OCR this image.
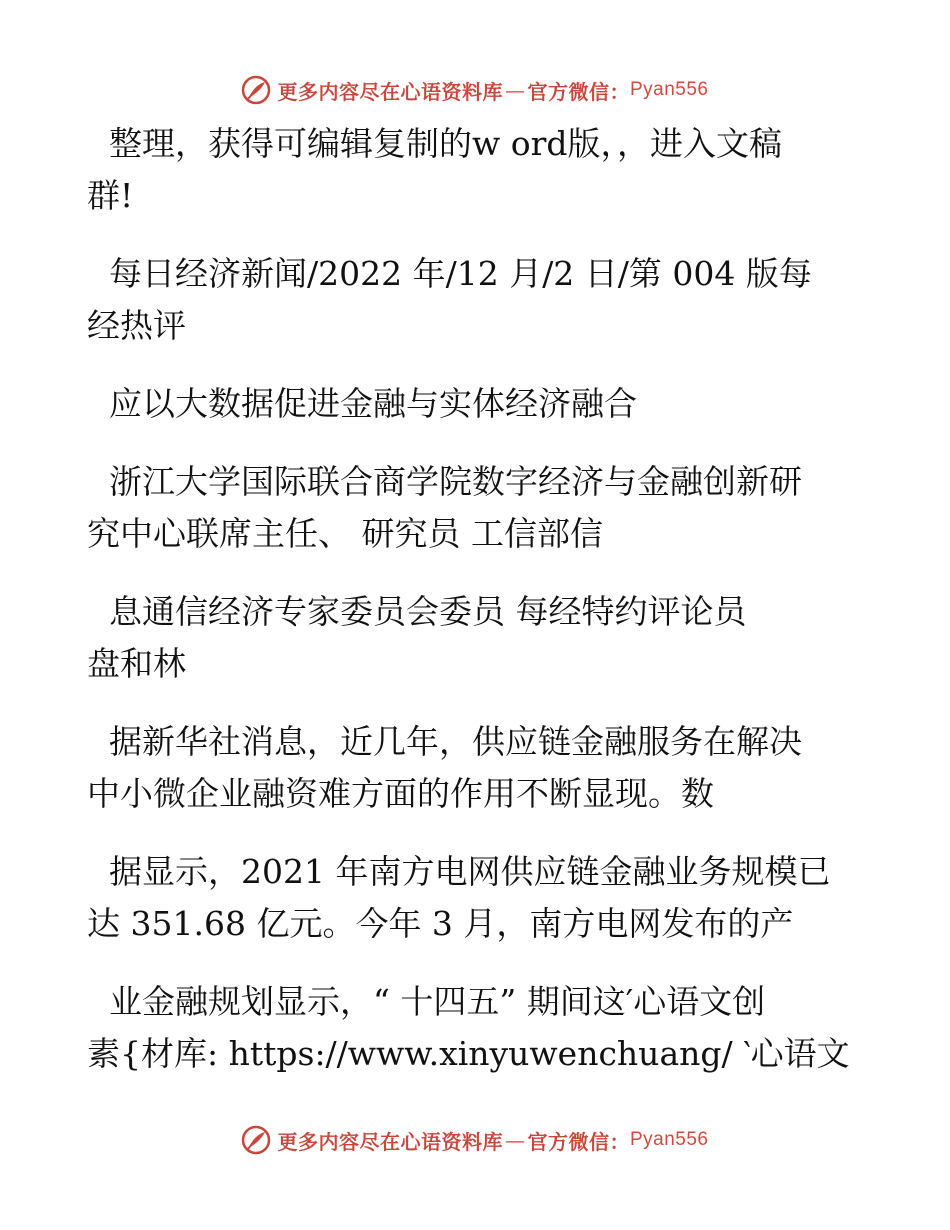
更多内容尽在心语资料库 — 官方微信： Pyan556
整理，获得可编辑复制的w ord版，，进入文稿
群!
每日经济新闻/2022 年/12 月/2 日/第 004 版每
经热评
应以大数据促进金融与实体经济融合
浙江大学国际联合商学院数字经济与金融创新研
究中心联席主任、 研究员 工信部信
息通信经济专家委员会委员 每经特约评论员
盘和林
据新华社消息，近几年，供应链金融服务在解决
中小微企业融资难方面的作用不断显现。数
据显示，2021 年南方电网供应链金融业务规模已
达 351.68 亿元。今年 3 月，南方电网发布的产
业金融规划显示，“ 十四五” 期间这′心语文创
素{材库: https://www.xinyuwenchuang/ ‵心语文
更多内容尽在心语资料库 — 官方微信： Pyan556
